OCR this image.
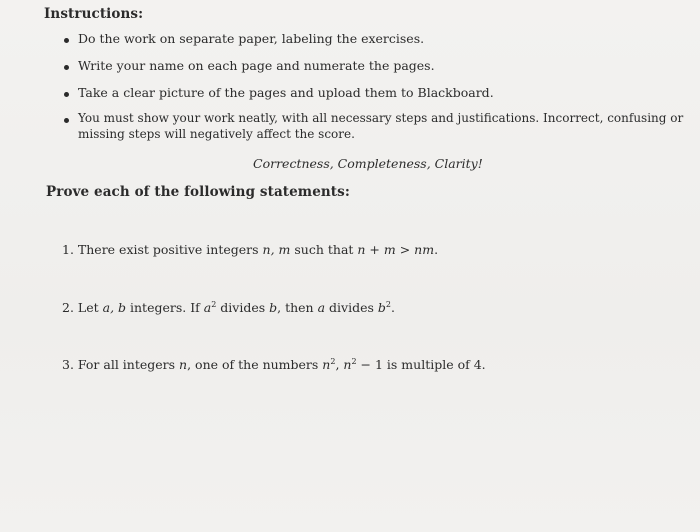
Instructions:
Do the work on separate paper, labeling the exercises.
Write your name on each page and numerate the pages.
Take a clear picture of the pages and upload them to Blackboard.
You must show your work neatly, with all necessary steps and justifications. Incorrect, confusing or
missing steps will negatively affect the score.
Correctness, Completeness, Clarity!
Prove each of the following statements:
1. There exist positive integers n, m such that n + m > nm.
2. Let a, b integers. If $a^2$ divides b, then a divides $b^2$.
3. For all integers n, one of the numbers $n^2$, $n^2 - 1$ is multiple of 4.
